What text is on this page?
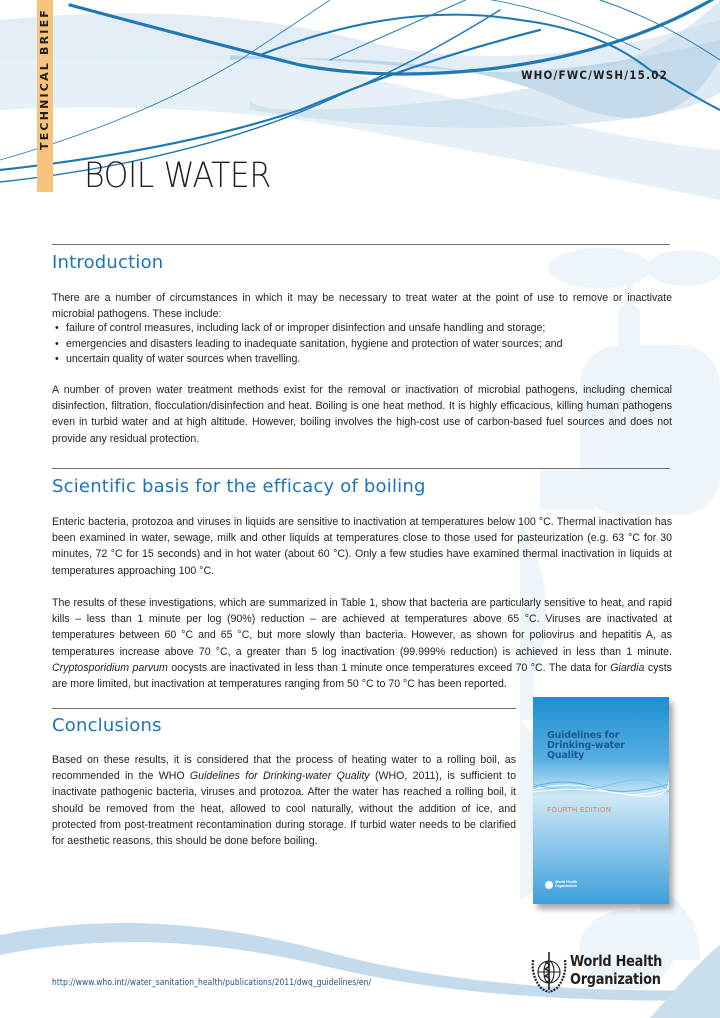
TECHNICAL BRIEF	WHO/FWC/WSH/15.02
BOIL WATER
Introduction

There are a number of circumstances in which it may be necessary to treat water at the point of use to remove or inactivate microbial pathogens. These include:

• failure of control measures, including lack of or improper disinfection and unsafe handling and storage;
• emergencies and disasters leading to inadequate sanitation, hygiene and protection of water sources; and
• uncertain quality of water sources when travelling.

A number of proven water treatment methods exist for the removal or inactivation of microbial pathogens, including chemical disinfection, filtration, flocculation/disinfection and heat. Boiling is one heat method. It is highly efficacious, killing human pathogens even in turbid water and at high altitude. However, boiling involves the high-cost use of carbon-based fuel sources and does not provide any residual protection.

Scientific basis for the efficacy of boiling

Enteric bacteria, protozoa and viruses in liquids are sensitive to inactivation at temperatures below 100 °C. Thermal inactivation has been examined in water, sewage, milk and other liquids at temperatures close to those used for pasteurization (e.g. 63 °C for 30 minutes, 72 °C for 15 seconds) and in hot water (about 60 °C). Only a few studies have examined thermal inactivation in liquids at temperatures approaching 100 °C.

The results of these investigations, which are summarized in Table 1, show that bacteria are particularly sensitive to heat, and rapid kills – less than 1 minute per log (90%) reduction – are achieved at temperatures above 65 °C. Viruses are inactivated at temperatures between 60 °C and 65 °C, but more slowly than bacteria. However, as shown for poliovirus and hepatitis A, as temperatures increase above 70 °C, a greater than 5 log inactivation (99.999% reduction) is achieved in less than 1 minute. Cryptosporidium parvum oocysts are inactivated in less than 1 minute once temperatures exceed 70 °C. The data for Giardia cysts are more limited, but inactivation at temperatures ranging from 50 °C to 70 °C has been reported.

Conclusions

Based on these results, it is considered that the process of heating water to a rolling boil, as recommended in the WHO Guidelines for Drinking-water Quality (WHO, 2011), is sufficient to inactivate pathogenic bacteria, viruses and protozoa. After the water has reached a rolling boil, it should be removed from the heat, allowed to cool naturally, without the addition of ice, and protected from post-treatment recontamination during storage. If turbid water needs to be clarified for aesthetic reasons, this should be done before boiling.

Guidelines for Drinking-water Quality
FOURTH EDITION
World Health Organization
http://www.who.int//water_sanitation_health/publications/2011/dwq_guidelines/en/
World Health
Organization
